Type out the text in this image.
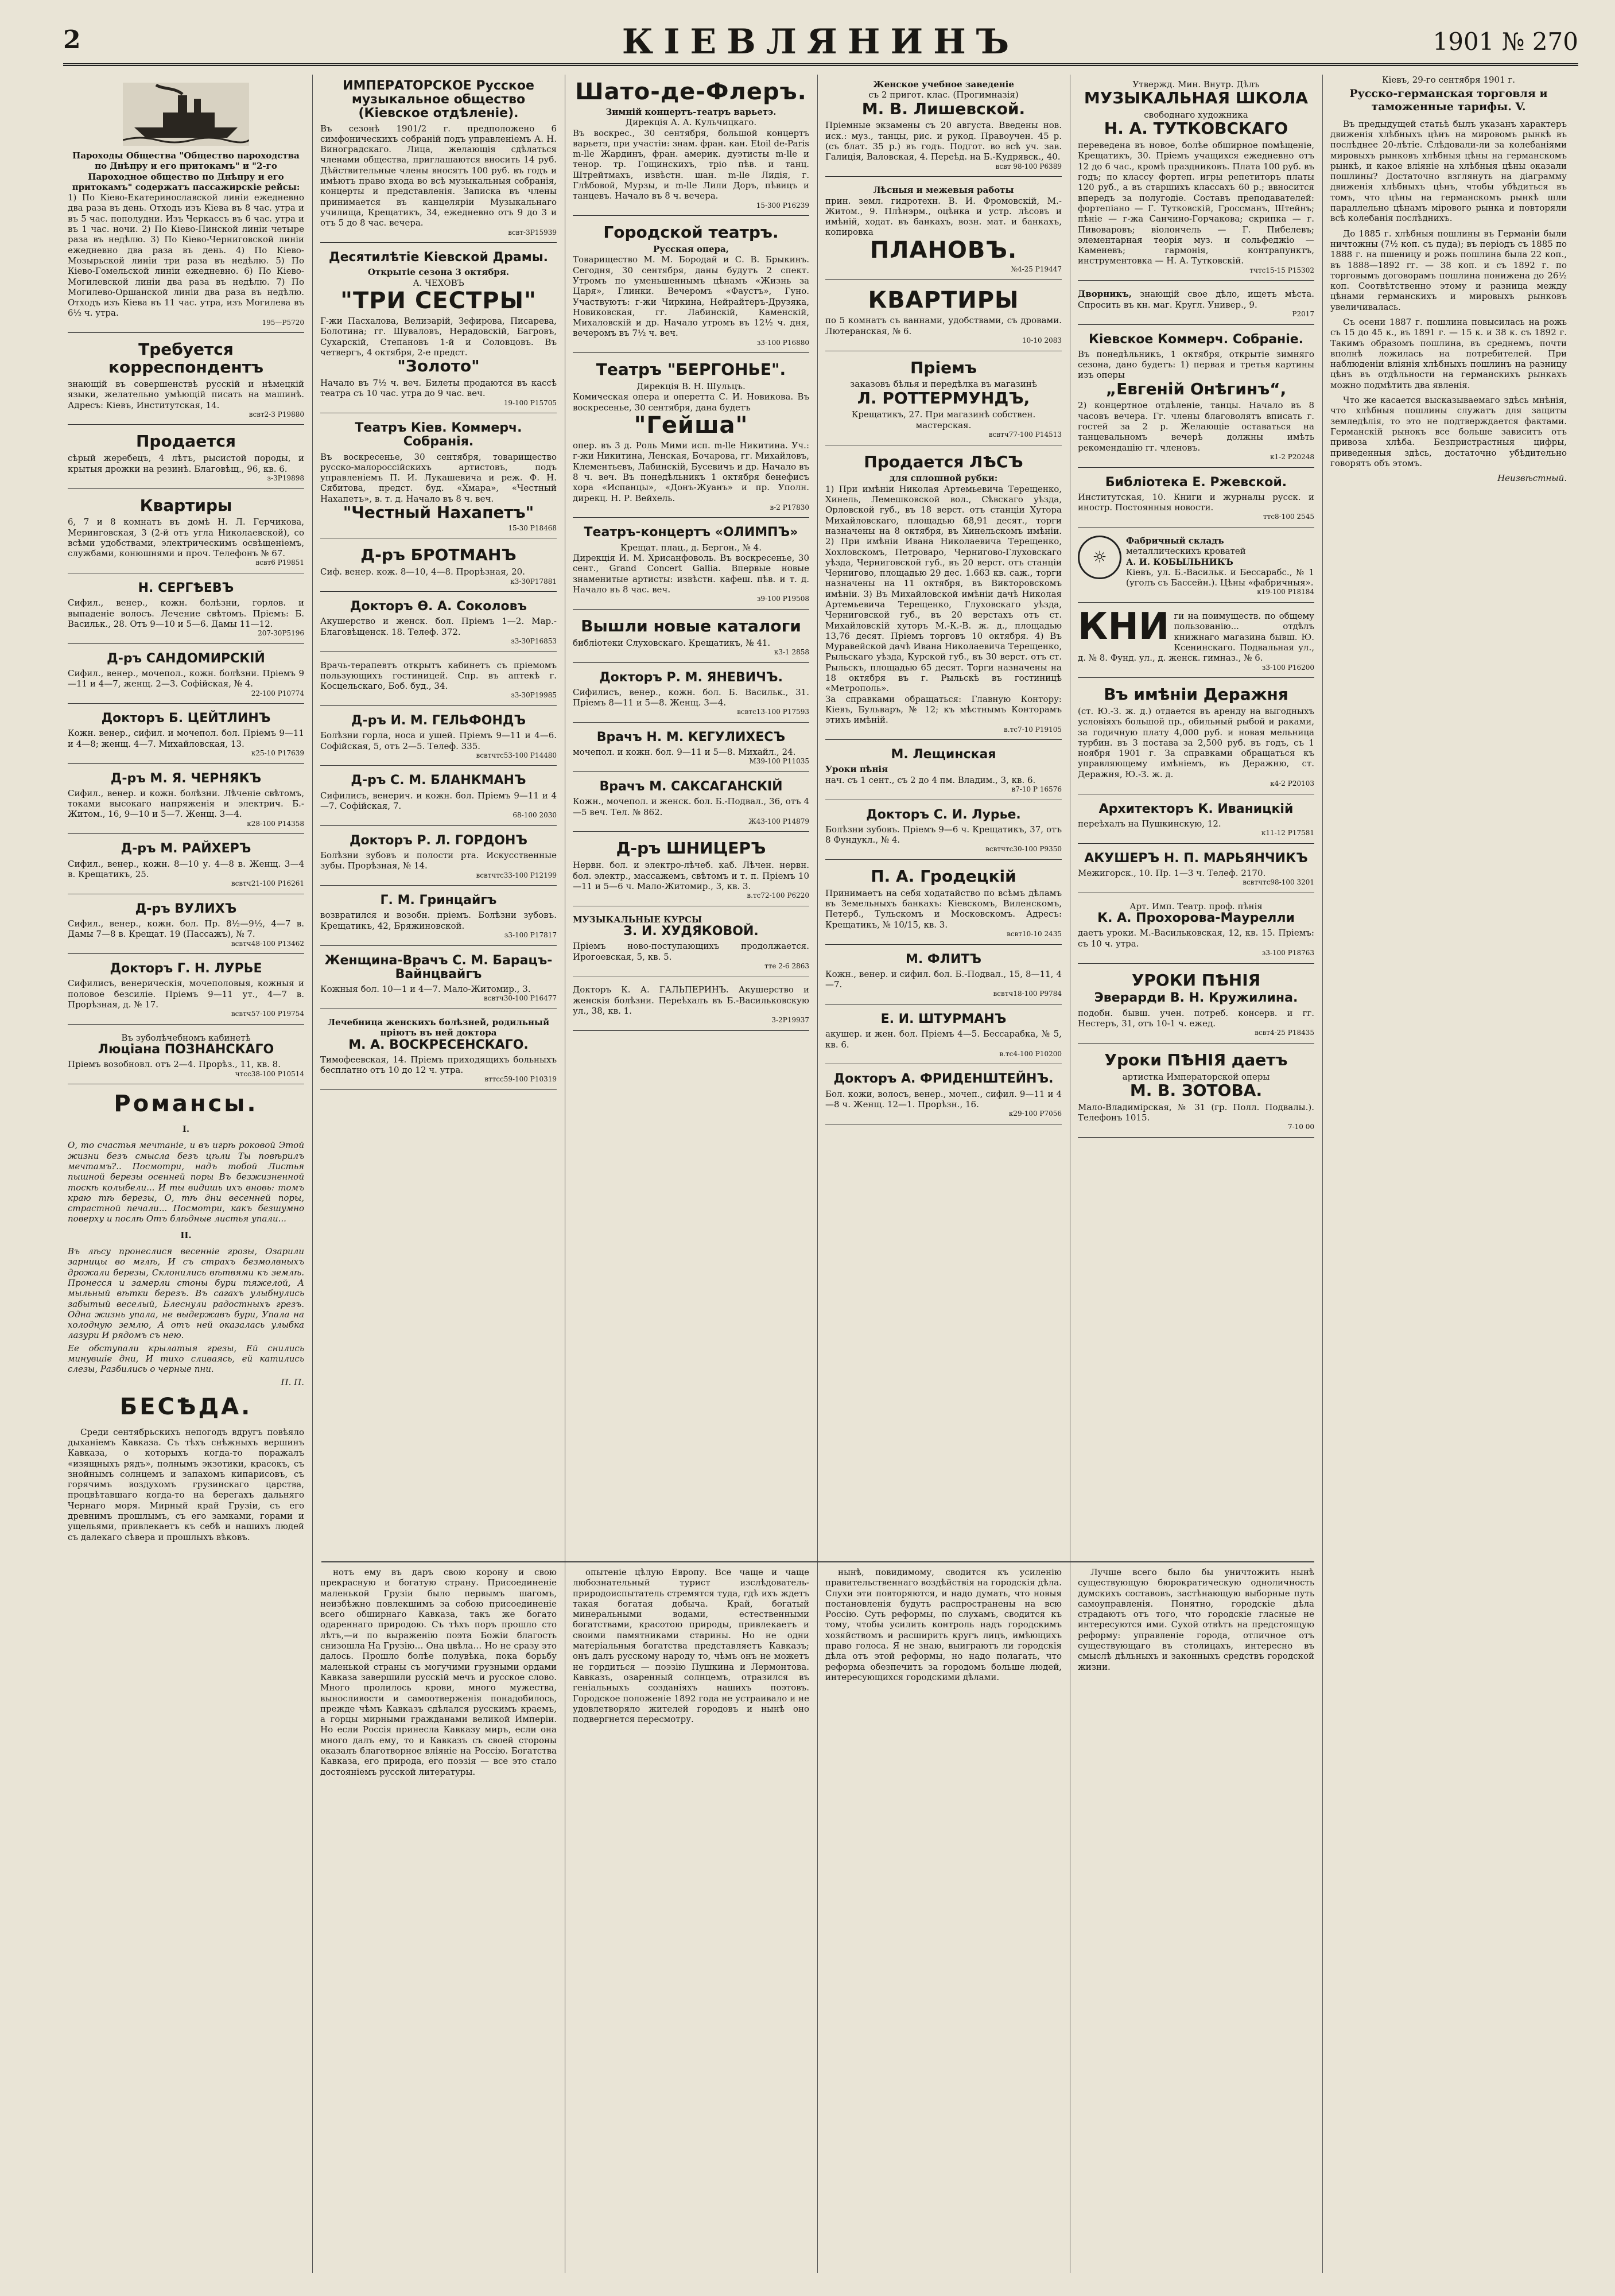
2	КІЕВЛЯНИНЪ	1901 № 270

Пароходы Общества "Общество пароходства по Днѣпру и его притокамъ" и "2-го Пароходное общество по Днѣпру и его притокамъ" содержатъ пассажирскіе рейсы:

1) По Кіево-Екатеринославской линіи ежедневно два раза въ день. Отходъ изъ Кіева въ 8 час. утра и въ 5 час. пополудни. Изъ Черкассъ въ 6 час. утра и въ 1 час. ночи. 2) По Кіево-Пинской линіи четыре раза въ недѣлю. 3) По Кіево-Черниговской линіи ежедневно два раза въ день. 4) По Кіево-Мозырьской линіи три раза въ недѣлю. 5) По Кіево-Гомельской линіи ежедневно. 6) По Кіево-Могилевской линіи два раза въ недѣлю. 7) По Могилево-Оршанской линіи два раза въ недѣлю. Отходъ изъ Кіева въ 11 час. утра, изъ Могилева въ 6½ ч. утра.

195—Р5720

Требуется корреспондентъ

знающій въ совершенствѣ русскій и нѣмецкій языки, желательно умѣющій писать на машинѣ. Адресъ: Кіевъ, Институтская, 14.

всвт2-3 Р19880

Продается

сѣрый жеребецъ, 4 лѣтъ, рысистой породы, и крытыя дрожки на резинѣ. Благовѣщ., 96, кв. 6.

з-3Р19898

Квартиры

6, 7 и 8 комнатъ въ домѣ Н. Л. Герчикова, Меринговская, 3 (2-й отъ угла Николаевской), со всѣми удобствами, электрическимъ освѣщеніемъ, службами, конюшнями и проч. Телефонъ № 67.

всвт6 Р19851

Н. СЕРГѢЕВЪ

Сифил., венер., кожн. болѣзни, горлов. и выпаденіе волосъ. Лечение свѣтомъ. Пріемъ: Б. Васильк., 28. Отъ 9—10 и 5—6. Дамы 11—12.

207-30Р5196

Д-ръ САНДОМИРСКІЙ

Сифил., венер., мочепол., кожн. болѣзни. Пріемъ 9—11 и 4—7, женщ. 2—3. Софійская, № 4.

22-100 Р10774

Докторъ Б. ЦЕЙТЛИНЪ

Кожн. венер., сифил. и мочепол. бол. Пріемъ 9—11 и 4—8; женщ. 4—7. Михайловская, 13.

к25-10 Р17639

Д-ръ М. Я. ЧЕРНЯКЪ

Сифил., венер. и кожн. болѣзни. Лѣченіе свѣтомъ, токами высокаго напряженія и электрич. Б.-Житом., 16, 9—10 и 5—7. Женщ. 3—4.

к28-100 Р14358

Д-ръ М. РАЙХЕРЪ

Сифил., венер., кожн. 8—10 у. 4—8 в. Женщ. 3—4 в. Крещатикъ, 25.

всвтч21-100 Р16261

Д-ръ ВУЛИХЪ

Сифил., венер., кожн. бол. Пр. 8½—9½, 4—7 в. Дамы 7—8 в. Крещат. 19 (Пассажъ), № 7.

всвтч48-100 Р13462

Докторъ Г. Н. ЛУРЬЕ

Сифилисъ, венерическія, мочеполовыя, кожныя и половое безсиліе. Пріемъ 9—11 ут., 4—7 в. Прорѣзная, д. № 17.

всвтч57-100 Р19754

Въ зуболѣчебномъ кабинетѣ

Люціана ПОЗНАНСКАГО

Пріемъ возобновл. отъ 2—4. Прорѣз., 11, кв. 8.

чтсс38-100 Р10514

Романсы.
I.

О, то счастья мечтаніе, и въ игрѣ роковой Этой жизни безъ смысла безъ цѣли Ты повѣрилъ мечтамъ?.. Посмотри, надъ тобой Листья пышной березы осенней поры Въ безжизненной тоскѣ колыбели... И ты видишь ихъ вновь: томъ краю тѣ березы, О, тѣ дни весенней поры, страстной печали... Посмотри, какъ безшумно поверху и послѣ Отъ блѣдные листья упали...

II.

Въ лѣсу пронеслися весенніе грозы, Озарили зарницы во мглѣ, И съ страхъ безмолвныхъ дрожали березы, Склонились вѣтвями къ землѣ. Пронесся и замерли стоны бури тяжелой, А мыльный вѣтки березъ. Въ сагахъ улыбнулись забытый веселый, Блеснули радостныхъ грезъ. Одна жизнь упала, не выдержавъ бури, Упала на холодную землю, А отъ ней оказалась улыбка лазури И рядомъ съ нею.

Ее обступали крылатыя грезы, Ей снились минувшіе дни, И тихо сливаясь, ей катились слезы, Разбились о черные пни.

П. П.

БЕСѢДА.

Среди сентябрьскихъ непогодъ вдругъ повѣяло дыханіемъ Кавказа. Съ тѣхъ снѣжныхъ вершинъ Кавказа, о которыхъ когда-то поражалъ «изящныхъ рядъ», полнымъ экзотики, красокъ, съ знойнымъ солнцемъ и запахомъ кипарисовъ, съ горячимъ воздухомъ грузинскаго царства, процвѣтавшаго когда-то на берегахъ дальняго Чернаго моря. Мирный край Грузіи, съ его древнимъ прошлымъ, съ его замками, горами и ущельями, привлекаетъ къ себѣ и нашихъ людей съ далекаго сѣвера и прошлыхъ вѣковъ.

ИМПЕРАТОРСКОЕ Русское музыкальное общество (Кіевское отдѣленіе).

Въ сезонѣ 1901/2 г. предположено 6 симфоническихъ собраній подъ управленіемъ А. Н. Виноградскаго. Лица, желающія сдѣлаться членами общества, приглашаются вносить 14 руб. Дѣйствительные члены вносятъ 100 руб. въ годъ и имѣютъ право входа во всѣ музыкальныя собранія, концерты и представленія. Записка въ члены принимается въ канцеляріи Музыкальнаго училища, Крещатикъ, 34, ежедневно отъ 9 до 3 и отъ 5 до 8 час. вечера.

всвт-3Р15939

Десятилѣтіе Кіевской Драмы.

Открытіе сезона 3 октября.

А. ЧЕХОВЪ

"ТРИ СЕСТРЫ"

Г-жи Пасхалова, Велизарій, Зефирова, Писарева, Болотина; гг. Шуваловъ, Нерадовскій, Багровъ, Сухарскій, Степановъ 1-й и Соловцовъ. Въ четвергъ, 4 октября, 2-е предст.

"Золото"

Начало въ 7½ ч. веч. Билеты продаются въ кассѣ театра съ 10 час. утра до 9 час. веч.

19-100 Р15705

Театръ Кіев. Коммерч. Собранія.

Въ воскресенье, 30 сентября, товарищество русско-малороссійскихъ артистовъ, подъ управленіемъ П. И. Лукашевича и реж. Ф. Н. Сябитова, предст. буд. «Хмара», «Честный Нахапетъ», в. т. д. Начало въ 8 ч. веч.

"Честный Нахапетъ"

15-30 Р18468

Д-ръ БРОТМАНЪ

Сиф. венер. кож. 8—10, 4—8. Прорѣзная, 20.

к3-30Р17881

Докторъ Ѳ. А. Соколовъ

Акушерство и женск. бол. Пріемъ 1—2. Мар.-Благовѣщенск. 18. Телеф. 372.

з3-30Р16853

Врачь-терапевтъ открытъ кабинетъ съ пріемомъ пользующихъ гостиницей. Спр. въ аптекѣ г. Косцельскаго, Боб. буд., 34.

з3-30Р19985

Д-ръ И. М. ГЕЛЬФОНДЪ

Болѣзни горла, носа и ушей. Пріемъ 9—11 и 4—6. Софійская, 5, отъ 2—5. Телеф. 335.

всвтчтс53-100 Р14480

Д-ръ С. М. БЛАНКМАНЪ

Сифилисъ, венерич. и кожн. бол. Пріемъ 9—11 и 4—7. Софійская, 7.

68-100 2030

Докторъ Р. Л. ГОРДОНЪ

Болѣзни зубовъ и полости рта. Искусственные зубы. Прорѣзная, № 14.

всвтчтс33-100 Р12199

Г. М. Гринцайгъ

возвратился и возобн. пріемъ. Болѣзни зубовъ. Крещатикъ, 42, Бряжиновской.

з3-100 Р17817

Женщина-Врачъ С. М. Барацъ-Вайнцвайгъ

Кожныя бол. 10—1 и 4—7. Мало-Житомир., 3.

всвтч30-100 Р16477

Лечебница женскихъ болѣзней, родильный пріютъ въ ней доктора

М. А. ВОСКРЕСЕНСКАГО.

Тимофеевская, 14. Пріемъ приходящихъ больныхъ бесплатно отъ 10 до 12 ч. утра.

вттсс59-100 Р10319

нотъ ему въ даръ свою корону и свою прекрасную и богатую страну. Присоединеніе маленькой Грузіи было первымъ шагомъ, неизбѣжно повлекшимъ за собою присоединеніе всего обширнаго Кавказа, такъ же богато одареннаго природою. Съ тѣхъ поръ прошло сто лѣтъ,—и по выраженію поэта Божіи благость снизошла На Грузію… Она цвѣла… Но не сразу это далось. Прошло болѣе полувѣка, пока борьбу маленькой страны съ могучими грузными ордами Кавказа завершили русскій мечъ и русское слово. Много пролилось крови, много мужества, выносливости и самоотверженія понадобилось, прежде чѣмъ Кавказъ сдѣлался русскимъ краемъ, а горцы мирными гражданами великой Имперіи. Но если Россія принесла Кавказу миръ, если она много далъ ему, то и Кавказъ съ своей стороны оказалъ благотворное вліяніе на Россію. Богатства Кавказа, его природа, его поэзія — все это стало достояніемъ русской литературы.

Шато-де-Флеръ.

Зимній концертъ-театръ варьетэ.

Дирекція А. А. Кульчицкаго.

Въ воскрес., 30 сентября, большой концертъ варьетэ, при участіи: знам. фран. кан. Etoil de-Paris m-lle Жардинъ, фран. америк. дуэтисты m-lle и тенор. тр. Гощинскихъ, тріо пѣв. и танц. Штрейтмахъ, извѣстн. шан. m-lle Лидія, г. Глѣбовой, Мурзы, и m-lle Лили Доръ, пѣвицъ и танцевъ. Начало въ 8 ч. вечера.

15-300 Р16239

Городской театръ.

Русская опера,

Товарищество М. М. Бородай и С. В. Брыкинъ. Сегодня, 30 сентября, даны будутъ 2 спект. Утромъ по уменьшеннымъ цѣнамъ «Жизнь за Царя», Глинки. Вечеромъ «Фаустъ», Гуно. Участвуютъ: г-жи Чиркина, Нейрайтеръ-Друзяка, Новиковская, гг. Лабинскій, Каменскій, Михаловскій и др. Начало утромъ въ 12½ ч. дня, вечеромъ въ 7½ ч. веч.

з3-100 Р16880

Театръ "БЕРГОНЬЕ".

Дирекція В. Н. Шульцъ.

Комическая опера и оперетта С. И. Новикова. Въ воскресенье, 30 сентября, дана будетъ

"Гейша"

опер. въ 3 д. Роль Мими исп. m-lle Никитина. Уч.: г-жи Никитина, Ленская, Бочарова, гг. Михайловъ, Клементьевъ, Лабинскій, Бусевичъ и др. Начало въ 8 ч. веч. Въ понедѣльникъ 1 октября бенефисъ хора «Испанцы», «Донъ-Жуанъ» и пр. Уполн. дирекц. Н. Р. Вейхель.

в-2 Р17830

Театръ-концертъ «ОЛИМПЪ»

Крещат. плац., д. Бергон., № 4.

Дирекція И. М. Хрисанфоволь. Въ воскресенье, 30 сент., Grand Concert Gallia. Впервые новые знаменитые артисты: извѣстн. кафеш. пѣв. и т. д. Начало въ 8 час. веч.

з9-100 Р19508

Вышли новые каталоги

библіотеки Слуховскаго. Крещатикъ, № 41.

к3-1 2858

Докторъ Р. М. ЯНЕВИЧЪ.

Сифилисъ, венер., кожн. бол. Б. Васильк., 31. Пріемъ 8—11 и 5—8. Женщ. 3—4.

всвтс13-100 Р17593

Врачъ Н. М. КЕГУЛИХЕСЪ

мочепол. и кожн. бол. 9—11 и 5—8. Михайл., 24.

М39-100 Р11035

Врачъ М. САКСАГАНСКІЙ

Кожн., мочепол. и женск. бол. Б.-Подвал., 36, отъ 4—5 веч. Тел. № 862.

Ж43-100 Р14879

Д-ръ ШНИЦЕРЪ

Нервн. бол. и электро-лѣчеб. каб. Лѣчен. нервн. бол. электр., массажемъ, свѣтомъ и т. п. Пріемъ 10—11 и 5—6 ч. Мало-Житомир., 3, кв. 3.

в.тс72-100 Р6220

МУЗЫКАЛЬНЫЕ КУРСЫ

З. И. ХУДЯКОВОЙ.

Пріемъ ново-поступающихъ продолжается. Ирогоевская, 5, кв. 5.

тте 2-6 2863

Докторъ К. А. ГАЛЬПЕРИНЪ. Акушерство и женскія болѣзни. Переѣхалъ въ Б.-Васильковскую ул., 38, кв. 1.

3-2Р19937

опытеніе цѣлую Европу. Все чаще и чаще любознательный турист изслѣдователь-природоиспытатель стремятся туда, гдѣ ихъ ждетъ такая богатая добыча. Край, богатый минеральными водами, естественными богатствами, красотою природы, привлекаетъ и своими памятниками старины. Но не одни матеріальныя богатства представляетъ Кавказъ; онъ далъ русскому народу то, чѣмъ онъ не можетъ не гордиться — поэзію Пушкина и Лермонтова. Кавказъ, озаренный солнцемъ, отразился въ геніальныхъ созданіяхъ нашихъ поэтовъ. Городское положеніе 1892 года не устраивало и не удовлетворяло жителей городовъ и нынѣ оно подвергнется пересмотру.

Женское учебное заведеніе

съ 2 пригот. клас. (Прогимназія)

М. В. Лишевской.

Пріемные экзамены съ 20 августа. Введены нов. иск.: муз., танцы, рис. и рукод. Правоучен. 45 р. (съ блат. 35 р.) въ годъ. Подгот. во всѣ уч. зав. Галиція, Валовская, 4. Переѣд. на Б.-Кудрявск., 40.

всвт 98-100 Р6389

Лѣсныя и межевыя работы

прин. земл. гидротехн. В. И. Фромовскій, М.-Житом., 9. Плѣнэрм., оцѣнка и устр. лѣсовъ и имѣній, ходат. въ банкахъ, возн. мат. и банкахъ, копировка

ПЛАНОВЪ.

№4-25 Р19447

КВАРТИРЫ

по 5 комнатъ съ ваннами, удобствами, съ дровами. Лютеранская, № 6.

10-10 2083

Пріемъ

заказовъ бѣлья и передѣлка въ магазинѣ

Л. РОТТЕРМУНДЪ,

Крещатикъ, 27. При магазинѣ собствен. мастерская.

всвтч77-100 Р14513

Продается ЛѢСЪ

для сплошной рубки:

1) При имѣніи Николая Артемьевича Терещенко, Хинель, Лемешковской вол., Сѣвскаго уѣзда, Орловской губ., въ 18 верст. отъ станціи Хутора Михайловскаго, площадью 68,91 десят., торги назначены на 8 октября, въ Хинельскомъ имѣніи. 2) При имѣніи Ивана Николаевича Терещенко, Хохловскомъ, Петроваро, Чернигово-Глуховскаго уѣзда, Черниговской губ., въ 20 верст. отъ станціи Чернигово, площадью 29 дес. 1.663 кв. саж., торги назначены на 11 октября, въ Викторовскомъ имѣніи. 3) Въ Михайловской имѣніи дачѣ Николая Артемьевича Терещенко, Глуховскаго уѣзда, Черниговской губ., въ 20 верстахъ отъ ст. Михайловскій хуторъ М.-К.-В. ж. д., площадью 13,76 десят. Пріемъ торговъ 10 октября. 4) Въ Муравейской дачѣ Ивана Николаевича Терещенко, Рыльскаго уѣзда, Курской губ., въ 30 верст. отъ ст. Рыльскъ, площадью 65 десят. Торги назначены на 18 октября въ г. Рыльскѣ въ гостиницѣ «Метрополь».

За справками обращаться: Главную Контору: Кіевъ, Бульваръ, № 12; къ мѣстнымъ Конторамъ этихъ имѣній.

в.тс7-10 Р19105

М. Лещинская

Уроки пѣнія

нач. съ 1 сент., съ 2 до 4 пм. Владим., 3, кв. 6.

в7-10 Р 16576

Докторъ С. И. Лурье.

Болѣзни зубовъ. Пріемъ 9—6 ч. Крещатикъ, 37, отъ 8 Фундукл., № 4.

всвтчтс30-100 Р9350

П. А. Гродецкій

Принимаетъ на себя ходатайство по всѣмъ дѣламъ въ Земельныхъ банкахъ: Кіевскомъ, Виленскомъ, Петерб., Тульскомъ и Московскомъ. Адресъ: Крещатикъ, № 10/15, кв. 3.

всвт10-10 2435

М. ФЛИТЪ

Кожн., венер. и сифил. бол. Б.-Подвал., 15, 8—11, 4—7.

всвтч18-100 Р9784

Е. И. ШТУРМАНЪ

акушер. и жен. бол. Пріемъ 4—5. Бессарабка, № 5, кв. 6.

в.тс4-100 Р10200

Докторъ А. ФРИДЕНШТЕЙНЪ.

Бол. кожи, волосъ, венер., мочеп., сифил. 9—11 и 4—8 ч. Женщ. 12—1. Прорѣзн., 16.

к29-100 Р7056

нынѣ, повидимому, сводится къ усиленію правительственнаго воздѣйствія на городскія дѣла. Слухи эти повторяются, и надо думать, что новыя постановленія будутъ распространены на всю Россію. Суть реформы, по слухамъ, сводится къ тому, чтобы усилить контроль надъ городскимъ хозяйствомъ и расширить кругъ лицъ, имѣющихъ право голоса. Я не знаю, выиграютъ ли городскія дѣла отъ этой реформы, но надо полагать, что реформа обезпечитъ за городомъ больше людей, интересующихся городскими дѣлами.

Утвержд. Мин. Внутр. Дѣлъ

МУЗЫКАЛЬНАЯ ШКОЛА

свободнаго художника

Н. А. ТУТКОВСКАГО

переведена въ новое, болѣе обширное помѣщеніе, Крещатикъ, 30. Пріемъ учащихся ежедневно отъ 12 до 6 час., кромѣ праздниковъ. Плата 100 руб. въ годъ; по классу фортеп. игры репетиторъ платы 120 руб., а въ старшихъ классахъ 60 р.; ввносится впередъ за полугодіе. Составъ преподавателей: фортепіано — Г. Тутковскій, Гроссманъ, Штейнъ; пѣніе — г-жа Санчино-Горчакова; скрипка — г. Пивоваровъ; віолончель — Г. Пибелевъ; элементарная теорія муз. и сольфеджіо — Каменевъ; гармонія, контрапунктъ, инструментовка — Н. А. Тутковскій.

тчтс15-15 Р15302

Дворникъ, знающій свое дѣло, ищетъ мѣста. Спросить въ кн. маг. Кругл. Универ., 9.

Р2017

Кіевское Коммерч. Собраніе.

Въ понедѣльникъ, 1 октября, открытіе зимняго сезона, дано будетъ: 1) первая и третья картины изъ оперы

„Евгеній Онѣгинъ“,

2) концертное отдѣленіе, танцы. Начало въ 8 часовъ вечера. Гг. члены благоволятъ вписать г. гостей за 2 р. Желающіе оставаться на танцевальномъ вечерѣ должны имѣть рекомендацію гг. членовъ.

к1-2 Р20248

Библіотека Е. Ржевской.

Институтская, 10. Книги и журналы русск. и иностр. Постоянныя новости.

ттс8-100 2545

☼

Фабричный складъ

металлическихъ кроватей

А. И. КОБЫЛЬНИКЪ

Кіевъ, ул. Б.-Васильк. и Бессарабс., № 1 (уголъ съ Бассейн.). Цѣны «фабричныя».

к19-100 Р18184

КНИ ги на поимуществ. по общему пользованію... отдѣлъ книжнаго магазина бывш. Ю. Ксенинскаго. Подвальная ул., д. № 8. Фунд. ул., д. женск. гимназ., № 6.

з3-100 Р16200

Въ имѣніи Деражня

(ст. Ю.-З. ж. д.) отдается въ аренду на выгодныхъ условіяхъ большой пр., обильный рыбой и раками, за годичную плату 4,000 руб. и новая мельница турбин. въ 3 постава за 2,500 руб. въ годъ, съ 1 ноября 1901 г. За справками обращаться къ управляющему имѣніемъ, въ Деражню, ст. Деражня, Ю.-З. ж. д.

к4-2 Р20103

Архитекторъ К. Иваницкій

переѣхалъ на Пушкинскую, 12.

к11-12 Р17581

АКУШЕРЪ Н. П. МАРЬЯНЧИКЪ

Межигорск., 10. Пр. 1—3 ч. Телеф. 2170.

всвтчтс98-100 3201

Арт. Имп. Театр. проф. пѣнія

К. А. Прохорова-Маурелли

даетъ уроки. М.-Васильковская, 12, кв. 15. Пріемъ: съ 10 ч. утра.

з3-100 Р18763

УРОКИ ПѢНІЯ
Эверарди В. Н. Кружилина.

подобн. бывш. учен. потреб. консерв. и гг. Нестеръ, 31, отъ 10-1 ч. ежед.

всвт4-25 Р18435

Уроки ПѢНІЯ даетъ

артистка Императорской оперы

М. В. ЗОТОВА.

Мало-Владимірская, № 31 (гр. Полл. Подвалы.). Телефонъ 1015.

7-10 00

Лучше всего было бы уничтожить нынѣ существующую бюрократическую одноличность думскихъ составовъ, застѣнающую выборные путь самоуправленія. Понятно, городскіе дѣла страдаютъ отъ того, что городскіе гласные не интересуются ими. Сухой отвѣтъ на предстоящую реформу: управленіе города, отличное отъ существующаго въ столицахъ, интересно въ смыслѣ дѣльныхъ и законныхъ средствъ городской жизни.

Кіевъ, 29-го сентября 1901 г.
Русско-германская торговля и таможенные тарифы. V.

Въ предыдущей статьѣ былъ указанъ характеръ движенія хлѣбныхъ цѣнъ на мировомъ рынкѣ въ послѣднее 20-лѣтіе. Слѣдовали-ли за колебаніями мировыхъ рынковъ хлѣбныя цѣны на германскомъ рынкѣ, и какое вліяніе на хлѣбныя цѣны оказали пошлины? Достаточно взглянуть на діаграмму движенія хлѣбныхъ цѣнъ, чтобы убѣдиться въ томъ, что цѣны на германскомъ рынкѣ шли параллельно цѣнамъ мірового рынка и повторяли всѣ колебанія послѣднихъ.

До 1885 г. хлѣбныя пошлины въ Германіи были ничтожны (7½ коп. съ пуда); въ періодъ съ 1885 по 1888 г. на пшеницу и рожь пошлина была 22 коп., въ 1888—1892 гг. — 38 коп. и съ 1892 г. по торговымъ договорамъ пошлина понижена до 26½ коп. Соотвѣтственно этому и разница между цѣнами германскихъ и мировыхъ рынковъ увеличивалась.

Съ осени 1887 г. пошлина повысилась на рожь съ 15 до 45 к., въ 1891 г. — 15 к. и 38 к. съ 1892 г. Такимъ образомъ пошлина, въ среднемъ, почти вполнѣ ложилась на потребителей. При наблюденіи вліянія хлѣбныхъ пошлинъ на разницу цѣнъ въ отдѣльности на германскихъ рынкахъ можно подмѣтить два явленія.

Что же касается высказываемаго здѣсь мнѣнія, что хлѣбныя пошлины служатъ для защиты земледѣлія, то это не подтверждается фактами. Германскій рынокъ все больше зависитъ отъ привоза хлѣба. Безпристрастныя цифры, приведенныя здѣсь, достаточно убѣдительно говорятъ объ этомъ.

Неизвѣстный.
